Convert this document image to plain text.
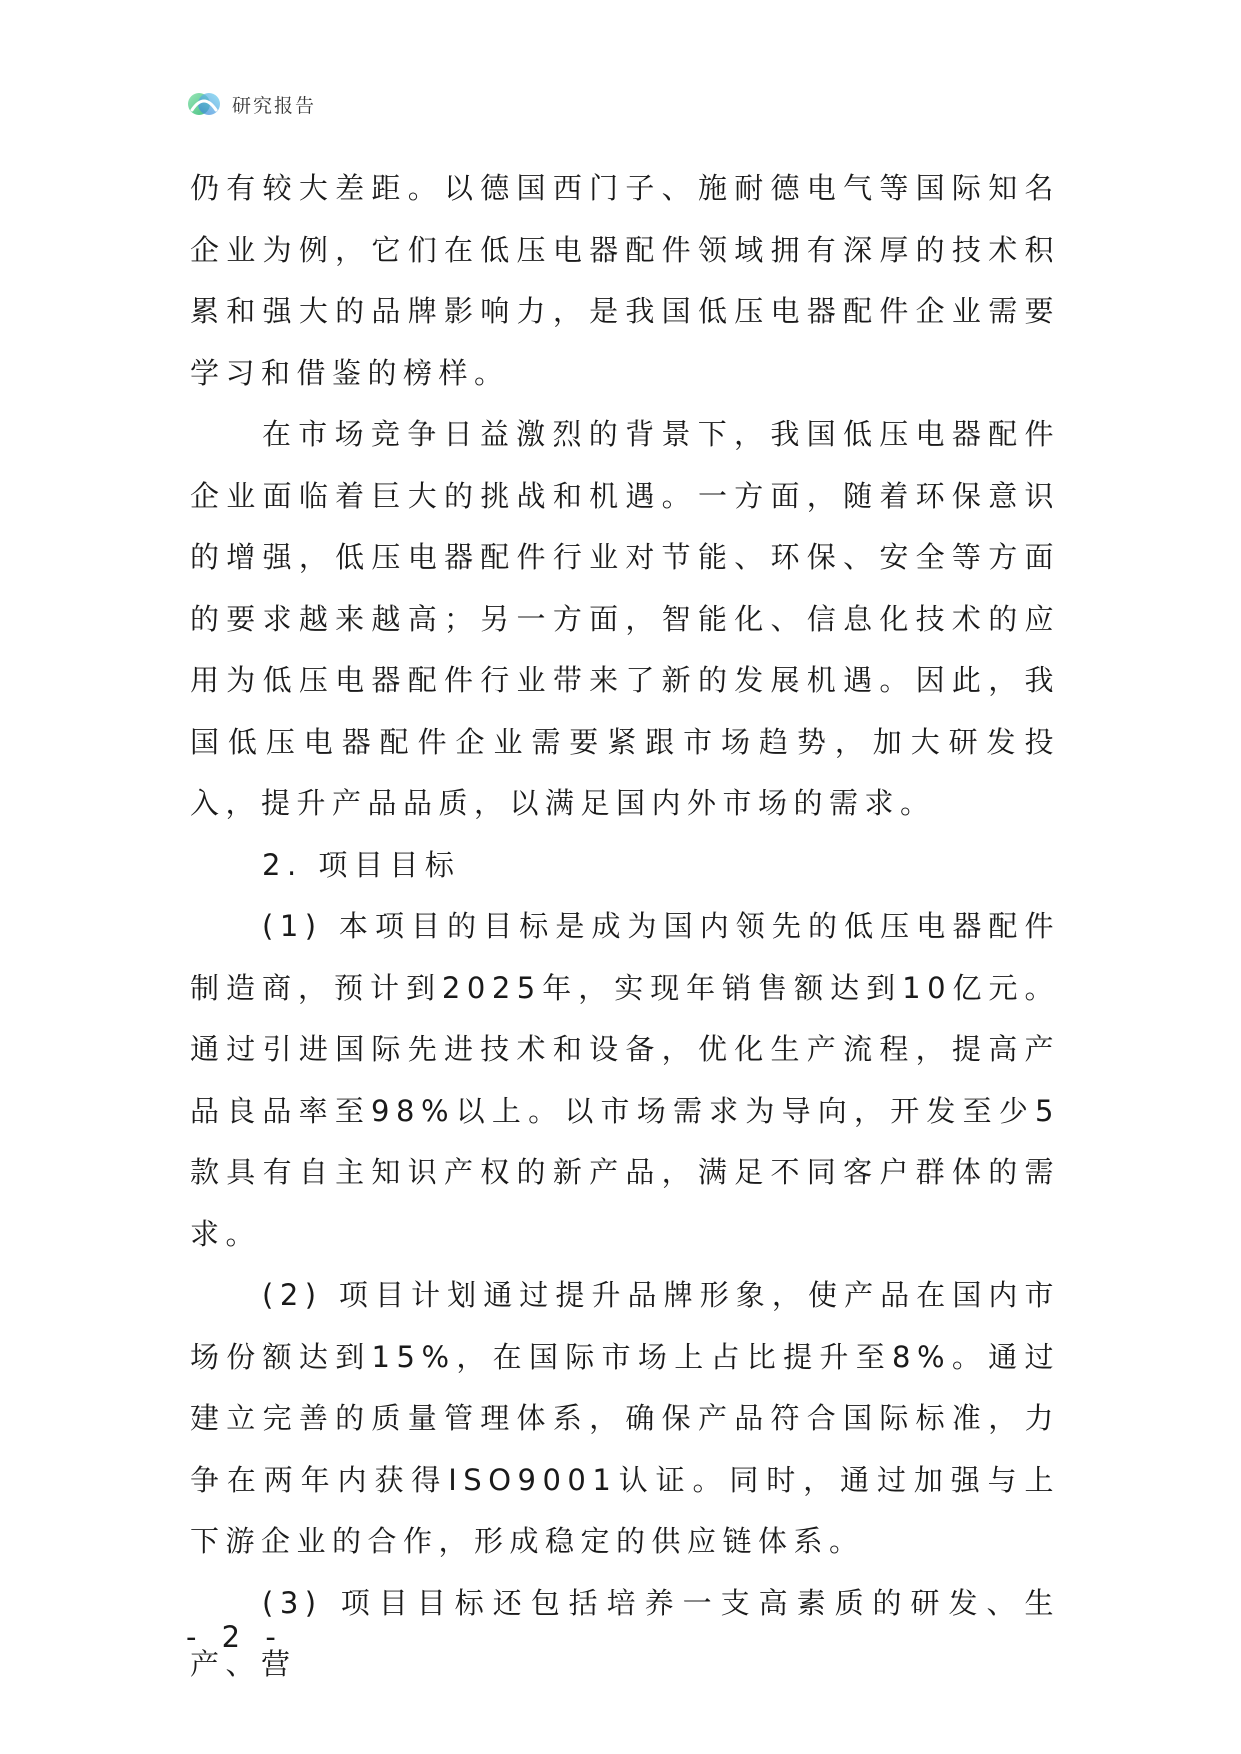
研究报告

仍有较大差距。以德国西门子、施耐德电气等国际知名企业为例，它们在低压电器配件领域拥有深厚的技术积累和强大的品牌影响力，是我国低压电器配件企业需要学习和借鉴的榜样。

在市场竞争日益激烈的背景下，我国低压电器配件企业面临着巨大的挑战和机遇。一方面，随着环保意识的增强，低压电器配件行业对节能、环保、安全等方面的要求越来越高；另一方面，智能化、信息化技术的应用为低压电器配件行业带来了新的发展机遇。因此，我国低压电器配件企业需要紧跟市场趋势，加大研发投入，提升产品品质，以满足国内外市场的需求。

2. 项目目标

(1) 本项目的目标是成为国内领先的低压电器配件制造商，预计到2025年，实现年销售额达到10亿元。通过引进国际先进技术和设备，优化生产流程，提高产品良品率至98%以上。以市场需求为导向，开发至少5款具有自主知识产权的新产品，满足不同客户群体的需求。

(2) 项目计划通过提升品牌形象，使产品在国内市场份额达到15%，在国际市场上占比提升至8%。通过建立完善的质量管理体系，确保产品符合国际标准，力争在两年内获得ISO9001认证。同时，通过加强与上下游企业的合作，形成稳定的供应链体系。

(3) 项目目标还包括培养一支高素质的研发、生产、营

- 2 -
